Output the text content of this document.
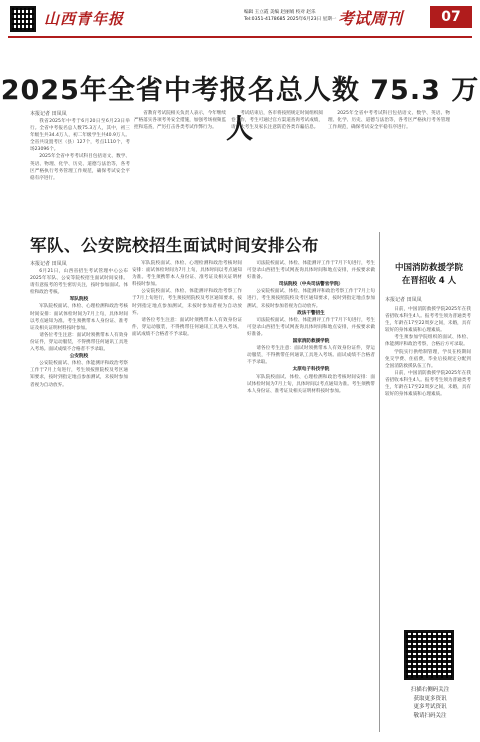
山西青年报	编辑 王立霞 美编 赵丽娟 校对 赵乐
Tel:0351-4178685 2025年6月23日 星期一 考试周刊	07
2025年全省中考报名总人数 75.3 万人
本报记者 田凤凤

我省2025年中考于6月20日至6月23日举行。全省中考报名总人数75.3万人，其中，初三年级生共34.4万人，初二年级学生共40.9万人。全省共设置考区（县）127个，考点1110个，考场23096个。

2025年全省中考考试科目包括语文、数学、英语、物理、化学、历史、道德与法治等，各考区严格执行考务管理工作规范，确保考试安全平稳有序进行。

省教育考试院相关负责人表示，今年继续严格落实各项考务安全措施，加强考场视频监控和巡查，严厉打击各类考试作弊行为。

考试结束后，各市将按照规定时间组织阅卷工作，考生可通过官方渠道查询考试成绩，请广大考生及家长注意防范各类诈骗信息。

2025年全省中考考试科目包括语文、数学、英语、物理、化学、历史、道德与法治等，各考区严格执行考务管理工作规范，确保考试安全平稳有序进行。

军队、公安院校招生面试时间安排公布
本报记者 田凤凤

6月21日，山西省招生考试管理中心公布2025年军队、公安等院校招生面试时间安排。请有意报考的考生密切关注，按时参加面试、体检和政治考核。

军队院校

军队院校面试、体检、心理检测和政治考核时间安排：面试体检时间为7月上旬，具体时间以考点通知为准。考生须携带本人身份证、准考证及相关证明材料按时参加。

请各位考生注意：面试时须携带本人有效身份证件，穿运动服装，不得携带任何通讯工具进入考场。面试成绩不合格者不予录取。

公安院校

公安院校面试、体检、体能测评和政治考察工作于7月上旬进行，考生须按照院校及考区通知要求，按时到指定地点参加测试，未按时参加者视为自动放弃。

军队院校面试、体检、心理检测和政治考核时间安排：面试体检时间为7月上旬，具体时间以考点通知为准。考生须携带本人身份证、准考证及相关证明材料按时参加。

公安院校面试、体检、体能测评和政治考察工作于7月上旬进行，考生须按照院校及考区通知要求，按时到指定地点参加测试，未按时参加者视为自动放弃。

请各位考生注意：面试时须携带本人有效身份证件，穿运动服装，不得携带任何通讯工具进入考场。面试成绩不合格者不予录取。

司法院校面试、体检、体能测评工作于7月下旬进行，考生可登录山西招生考试网查询具体时间和地点安排，并按要求做好准备。

司法院校（中央司法警官学院）

公安院校面试、体检、体能测评和政治考察工作于7月上旬进行，考生须按照院校及考区通知要求，按时到指定地点参加测试，未按时参加者视为自动放弃。

政法干警招生

司法院校面试、体检、体能测评工作于7月下旬进行，考生可登录山西招生考试网查询具体时间和地点安排，并按要求做好准备。

国家消防救援学院

请各位考生注意：面试时须携带本人有效身份证件，穿运动服装，不得携带任何通讯工具进入考场。面试成绩不合格者不予录取。

太原电子科技学院

军队院校面试、体检、心理检测和政治考核时间安排：面试体检时间为7月上旬，具体时间以考点通知为准。考生须携带本人身份证、准考证及相关证明材料按时参加。

中国消防救援学院
在晋招收 4 人
本报记者 田凤凤

日前，中国消防救援学院2025年在我省招收本科生4人。报考考生须为普通类考生，年龄在17至22周岁之间，未婚，具有较好的身体素质和心理素质。

考生须参加学院组织的面试、体检、体能测评和政治考察，合格后方可录取。

学院实行供给制管理，学员在校期间免交学费、住宿费，毕业后按规定分配到全国消防救援队伍工作。

日前，中国消防救援学院2025年在我省招收本科生4人。报考考生须为普通类考生，年龄在17至22周岁之间，未婚，具有较好的身体素质和心理素质。

扫描右侧码关注
获取更多资讯
更多考试资讯
敬请扫码关注
